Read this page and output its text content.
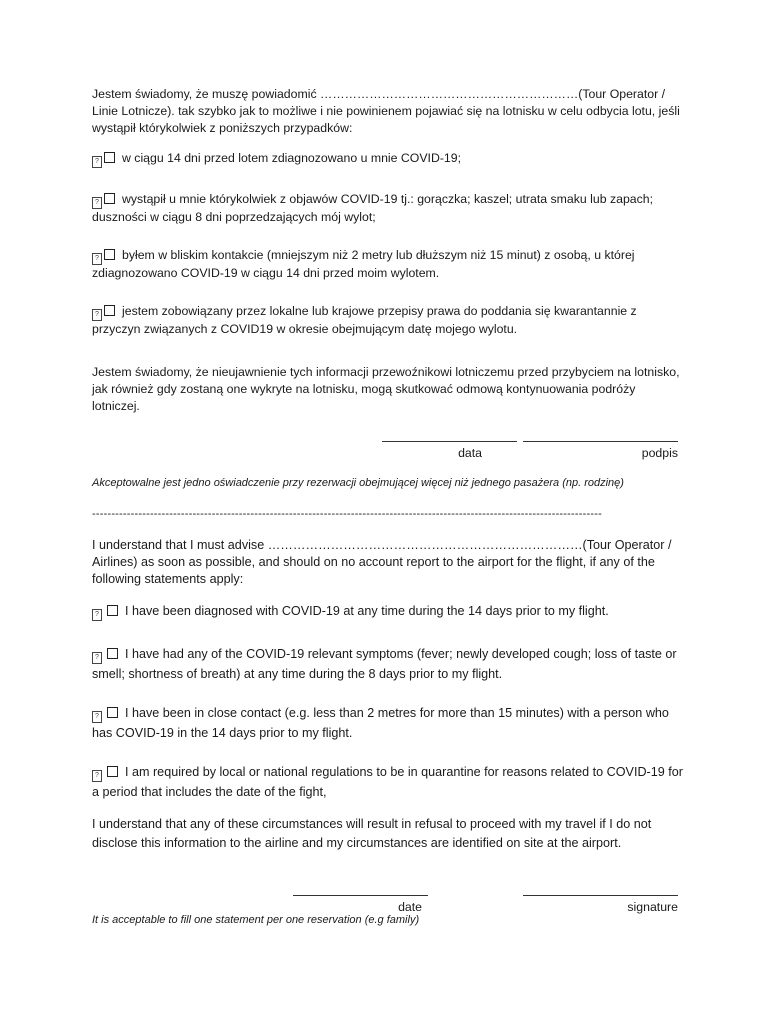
Jestem świadomy, że muszę powiadomić ………………………………………………………(Tour Operator / Linie Lotnicze). tak szybko jak to możliwe i nie powinienem pojawiać się na lotnisku w celu odbycia lotu, jeśli wystąpił którykolwiek z poniższych przypadków:
? w ciągu 14 dni przed lotem zdiagnozowano u mnie COVID-19;
? wystąpił u mnie którykolwiek z objawów COVID-19 tj.: gorączka; kaszel; utrata smaku lub zapach; duszności w ciągu 8 dni poprzedzających mój wylot;
? byłem w bliskim kontakcie (mniejszym niż 2 metry lub dłuższym niż 15 minut) z osobą, u której zdiagnozowano COVID-19 w ciągu 14 dni przed moim wylotem.
? jestem zobowiązany przez lokalne lub krajowe przepisy prawa do poddania się kwarantannie z przyczyn związanych z COVID19 w okresie obejmującym datę mojego wylotu.
Jestem świadomy, że nieujawnienie tych informacji przewoźnikowi lotniczemu przed przybyciem na lotnisko, jak również gdy zostaną one wykryte na lotnisku, mogą skutkować odmową kontynuowania podróży lotniczej.
data	podpis
Akceptowalne jest jedno oświadczenie przy rezerwacji obejmującej więcej niż jednego pasażera (np. rodzinę)
------------------------------------------------------------------------------------------------------------------------------------
I understand that I must advise …………………………………………………………………(Tour Operator / Airlines) as soon as possible, and should on no account report to the airport for the flight, if any of the following statements apply:
? I have been diagnosed with COVID-19 at any time during the 14 days prior to my flight.
? I have had any of the COVID-19 relevant symptoms (fever; newly developed cough; loss of taste or smell; shortness of breath) at any time during the 8 days prior to my flight.
? I have been in close contact (e.g. less than 2 metres for more than 15 minutes) with a person who has COVID-19 in the 14 days prior to my flight.
? I am required by local or national regulations to be in quarantine for reasons related to COVID-19 for a period that includes the date of the fight,
I understand that any of these circumstances will result in refusal to proceed with my travel if I do not disclose this information to the airline and my circumstances are identified on site at the airport.
date	signature
It is acceptable to fill one statement per one reservation (e.g family)
